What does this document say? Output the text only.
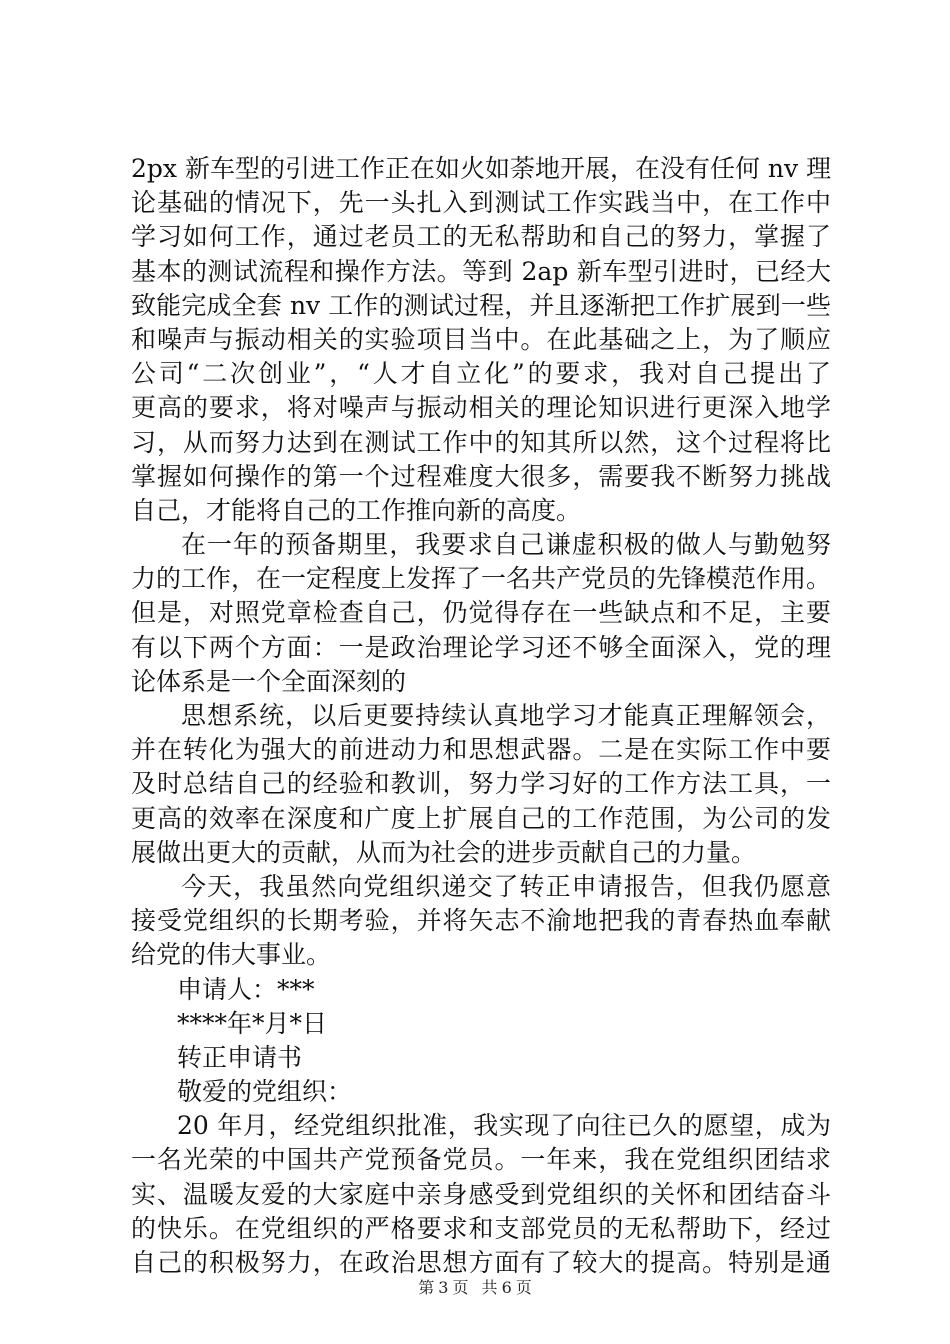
2px 新车型的引进工作正在如火如荼地开展，在没有任何 nv 理
论基础的情况下，先一头扎入到测试工作实践当中，在工作中
学习如何工作，通过老员工的无私帮助和自己的努力，掌握了
基本的测试流程和操作方法。等到 2ap 新车型引进时，已经大
致能完成全套 nv 工作的测试过程，并且逐渐把工作扩展到一些
和噪声与振动相关的实验项目当中。在此基础之上，为了顺应
公司“二次创业”，“人才自立化”的要求，我对自己提出了
更高的要求，将对噪声与振动相关的理论知识进行更深入地学
习，从而努力达到在测试工作中的知其所以然，这个过程将比
掌握如何操作的第一个过程难度大很多，需要我不断努力挑战
自己，才能将自己的工作推向新的高度。
在一年的预备期里，我要求自己谦虚积极的做人与勤勉努
力的工作，在一定程度上发挥了一名共产党员的先锋模范作用。
但是，对照党章检查自己，仍觉得存在一些缺点和不足，主要
有以下两个方面：一是政治理论学习还不够全面深入，党的理
论体系是一个全面深刻的
思想系统，以后更要持续认真地学习才能真正理解领会，
并在转化为强大的前进动力和思想武器。二是在实际工作中要
及时总结自己的经验和教训，努力学习好的工作方法工具，一
更高的效率在深度和广度上扩展自己的工作范围，为公司的发
展做出更大的贡献，从而为社会的进步贡献自己的力量。
今天，我虽然向党组织递交了转正申请报告，但我仍愿意
接受党组织的长期考验，并将矢志不渝地把我的青春热血奉献
给党的伟大事业。
申请人：***
****年*月*日
转正申请书
敬爱的党组织：
20 年月，经党组织批准，我实现了向往已久的愿望，成为
一名光荣的中国共产党预备党员。一年来，我在党组织团结求
实、温暖友爱的大家庭中亲身感受到党组织的关怀和团结奋斗
的快乐。在党组织的严格要求和支部党员的无私帮助下，经过
自己的积极努力，在政治思想方面有了较大的提高。特别是通
第 3 页 共 6 页
